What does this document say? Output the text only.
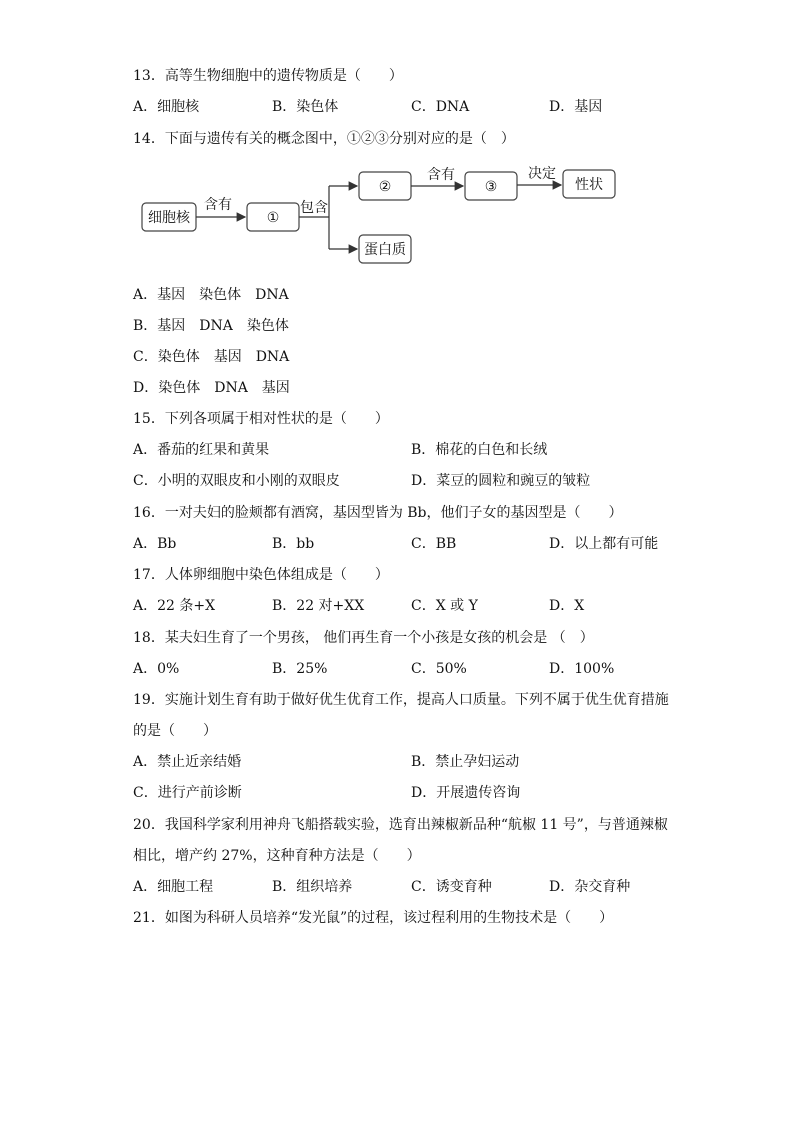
13．高等生物细胞中的遗传物质是（　　）
A．细胞核	B．染色体	C．DNA	D．基因
14．下面与遗传有关的概念图中，①②③分别对应的是（　）
细胞核	①
②	③	性状
蛋白质
含有	包含
含有	决定
A．基因　染色体　DNA
B．基因　DNA　染色体
C．染色体　基因　DNA
D．染色体　DNA　基因
15．下列各项属于相对性状的是（　　）
A．番茄的红果和黄果	B．棉花的白色和长绒
C．小明的双眼皮和小刚的双眼皮	D．菜豆的圆粒和豌豆的皱粒
16．一对夫妇的脸颊都有酒窝，基因型皆为 Bb，他们子女的基因型是（　　）
A．Bb	B．bb	C．BB	D．以上都有可能
17．人体卵细胞中染色体组成是（　　）
A．22 条+X	B．22 对+XX	C．X 或 Y	D．X
18．某夫妇生育了一个男孩， 他们再生育一个小孩是女孩的机会是 （　）
A．0%	B．25%	C．50%	D．100%
19．实施计划生育有助于做好优生优育工作，提高人口质量。下列不属于优生优育措施
的是（　　）
A．禁止近亲结婚	B．禁止孕妇运动
C．进行产前诊断	D．开展遗传咨询
20．我国科学家利用神舟飞船搭载实验，选育出辣椒新品种“航椒 11 号”，与普通辣椒
相比，增产约 27%，这种育种方法是（　　）
A．细胞工程	B．组织培养	C．诱变育种	D．杂交育种
21．如图为科研人员培养“发光鼠”的过程，该过程利用的生物技术是（　　）
